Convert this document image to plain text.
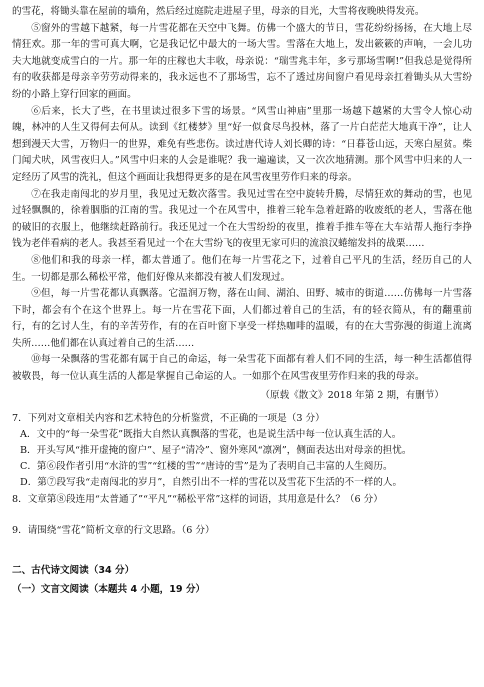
的雪花，将锄头靠在屋前的墙角，然后经过庭院走进屋子里，母亲的目光，大雪将夜晚映得发亮。

⑤窗外的雪越下越紧，每一片雪花都在天空中飞舞。仿佛一个盛大的节日，雪花纷纷扬扬，在大地上尽情狂欢。那一年的雪可真大啊，它是我记忆中最大的一场大雪。雪落在大地上，发出簌簌的声响，一会儿功夫大地就变成雪白的一片。那一年的庄稼也大丰收，母亲说：“瑞雪兆丰年，多亏那场雪啊!”但我总是觉得所有的收获都是母亲辛劳劳动得来的，我永远也不了那场雪，忘不了透过房间窗户看见母亲扛着锄头从大雪纷纷的小路上穿行回家的画面。

⑥后来，长大了些，在书里读过很多下雪的场景。“风雪山神庙”里那一场越下越紧的大雪令人惊心动魄，林冲的人生又得何去何从。读到《红楼梦》里“好一似食尽鸟投林，落了一片白茫茫大地真干净”，让人想到漫天大雪，万物归一的世界，难免有些悲伤。读过唐代诗人刘长卿的诗：“日暮苍山远，天寒白屋贫。柴门闻犬吠，风雪夜归人。”风雪中归来的人会是谁呢？我一遍遍读，又一次次地猜测。那个风雪中归来的人一定经历了风雪的洗礼，但这个画面让我想得更多的是在风雪夜里劳作归来的母亲。

⑦在我走南闯北的岁月里，我见过无数次落雪。我见过雪在空中旋转升腾，尽情狂欢的舞动的雪，也见过轻飘飘的，徐着胭脂的江南的雪。我见过一个在风雪中，推着三轮车急着赶路的收废纸的老人，雪落在他的破旧的衣服上，他继续赶路前行。我还见过一个在大雪纷纷的夜里，推着手推车等在大车站帮人拖行李挣钱为老伴看病的老人。我甚至看见过一个在大雪纷飞的夜里无家可归的流浪汉蜷缩发抖的战栗……

⑧他们和我的母亲一样，都太普通了。他们在每一片雪花之下，过着自己平凡的生活，经历自己的人生。一切都是那么稀松平常，他们好像从来都没有被人们发现过。

⑨但，每一片雪花都认真飘落。它温润万物，落在山间、湖泊、田野、城市的街道……仿佛每一片雪落下时，都会有个在这个世界上。每一片在雪花下面，人们都过着自己的生活，有的轻衣简从，有的翻重前行，有的乞讨人生，有的辛苦劳作，有的在百叶窗下享受一样热咖啡的温暖，有的在大雪弥漫的街道上流离失所……他们都在认真过着自己的生活……

⑩每一朵飘落的雪花都有属于自己的命运，每一朵雪花下面都有着人们不同的生活，每一种生活都值得被敬畏，每一位认真生活的人都是掌握自己命运的人。一如那个在风雪夜里劳作归来的我的母亲。

（原载《散文》2018 年第 2 期，有删节）

7．下列对文章相关内容和艺术特色的分析鉴赏，不正确的一项是（3 分）

A．文中的“每一朵雪花”既指大自然认真飘落的雪花，也是说生活中每一位认真生活的人。

B．开头写风“推开虚掩的窗户”、屋子“清冷”、窗外寒风“凛冽”，侧面表达出对母亲的担忧。

C．第⑥段作者引用“水浒的雪”“红楼的雪”“唐诗的雪”是为了表明自己丰富的人生阅历。

D．第⑦段写我“走南闯北的岁月”，自然引出不一样的雪花以及雪花下生活的不一样的人。

8．文章第⑧段连用“太普通了”“平凡”“稀松平常”这样的词语，其用意是什么？（6 分）

9．请围绕“雪花”简析文章的行文思路。（6 分）

二、古代诗文阅读（34 分）

（一）文言文阅读（本题共 4 小题，19 分）
